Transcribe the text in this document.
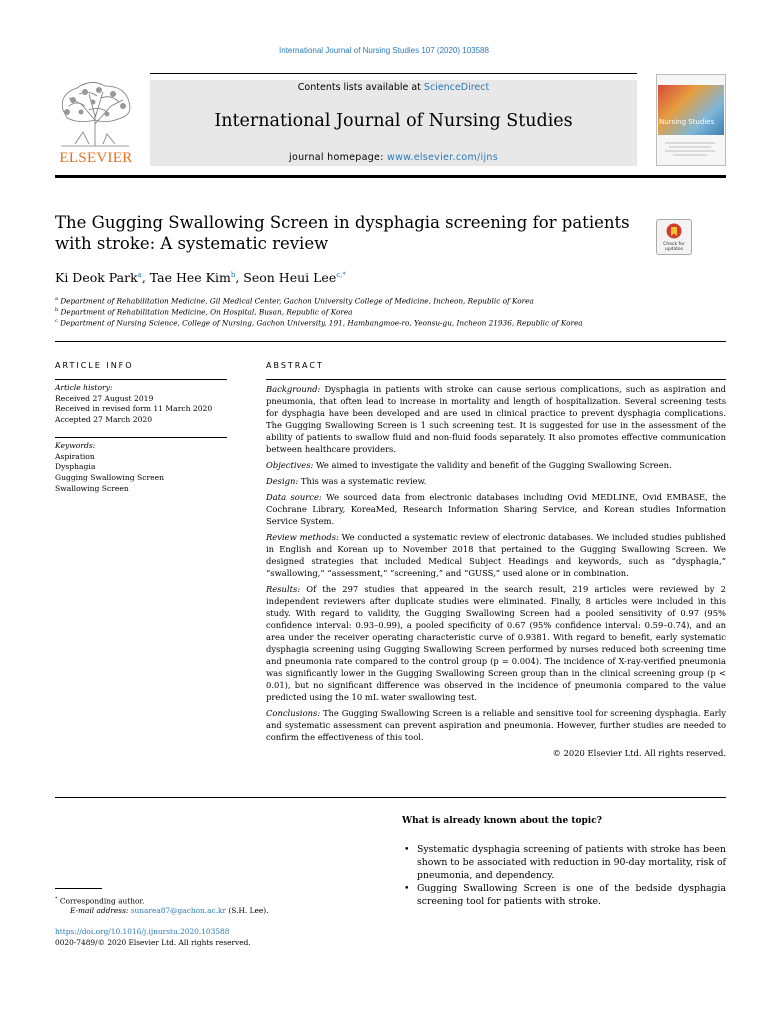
International Journal of Nursing Studies 107 (2020) 103588
ELSEVIER
Contents lists available at ScienceDirect
International Journal of Nursing Studies
journal homepage: www.elsevier.com/ijns
Nursing Studies
The Gugging Swallowing Screen in dysphagia screening for patients
with stroke: A systematic review	Check for updates
Ki Deok Park$^a$, Tae Hee Kim$^b$, Seon Heui Lee$^{c,*}$
$^a$ Department of Rehabilitation Medicine, Gil Medical Center, Gachon University College of Medicine, Incheon, Republic of Korea
$^b$ Department of Rehabilitation Medicine, On Hospital, Busan, Republic of Korea
$^c$ Department of Nursing Science, College of Nursing, Gachon University, 191, Hambangmoe-ro, Yeonsu-gu, Incheon 21936, Republic of Korea
ARTICLE INFO
Article history:
Received 27 August 2019
Received in revised form 11 March 2020
Accepted 27 March 2020
Keywords:
Aspiration
Dysphagia
Gugging Swallowing Screen
Swallowing Screen
ABSTRACT

Background: Dysphagia in patients with stroke can cause serious complications, such as aspiration and pneumonia, that often lead to increase in mortality and length of hospitalization. Several screening tests for dysphagia have been developed and are used in clinical practice to prevent dysphagia complications. The Gugging Swallowing Screen is 1 such screening test. It is suggested for use in the assessment of the ability of patients to swallow fluid and non-fluid foods separately. It also promotes effective communication between healthcare providers.

Objectives: We aimed to investigate the validity and benefit of the Gugging Swallowing Screen.

Design: This was a systematic review.

Data source: We sourced data from electronic databases including Ovid MEDLINE, Ovid EMBASE, the Cochrane Library, KoreaMed, Research Information Sharing Service, and Korean studies Information Service System.

Review methods: We conducted a systematic review of electronic databases. We included studies published in English and Korean up to November 2018 that pertained to the Gugging Swallowing Screen. We designed strategies that included Medical Subject Headings and keywords, such as “dysphagia,” “swallowing,” “assessment,” “screening,” and “GUSS,” used alone or in combination.

Results: Of the 297 studies that appeared in the search result, 219 articles were reviewed by 2 independent reviewers after duplicate studies were eliminated. Finally, 8 articles were included in this study. With regard to validity, the Gugging Swallowing Screen had a pooled sensitivity of 0.97 (95% confidence interval: 0.93–0.99), a pooled specificity of 0.67 (95% confidence interval: 0.59–0.74), and an area under the receiver operating characteristic curve of 0.9381. With regard to benefit, early systematic dysphagia screening using Gugging Swallowing Screen performed by nurses reduced both screening time and pneumonia rate compared to the control group (p = 0.004). The incidence of X-ray-verified pneumonia was significantly lower in the Gugging Swallowing Screen group than in the clinical screening group (p < 0.01), but no significant difference was observed in the incidence of pneumonia compared to the value predicted using the 10 mL water swallowing test.

Conclusions: The Gugging Swallowing Screen is a reliable and sensitive tool for screening dysphagia. Early and systematic assessment can prevent aspiration and pneumonia. However, further studies are needed to confirm the effectiveness of this tool.

© 2020 Elsevier Ltd. All rights reserved.

What is already known about the topic?
• Systematic dysphagia screening of patients with stroke has been shown to be associated with reduction in 90-day mortality, risk of pneumonia, and dependency.
• Gugging Swallowing Screen is one of the bedside dysphagia screening tool for patients with stroke.
* Corresponding author.
E-mail address: sunarea87@gachon.ac.kr (S.H. Lee).
https://doi.org/10.1016/j.ijnurstu.2020.103588
0020-7489/© 2020 Elsevier Ltd. All rights reserved.
